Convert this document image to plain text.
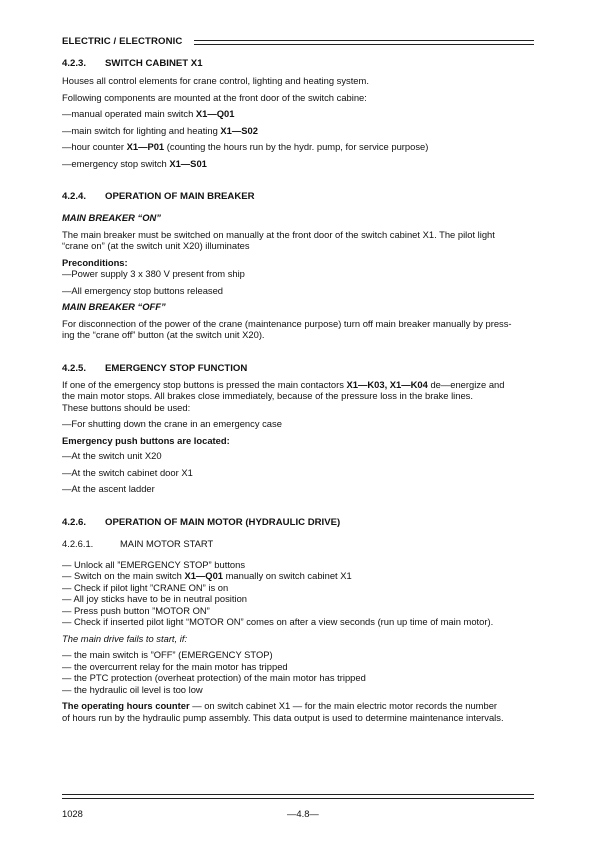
ELECTRIC / ELECTRONIC
4.2.3.	SWITCH CABINET X1

Houses all control elements for crane control, lighting and heating system.

Following components are mounted at the front door of the switch cabine:

—manual operated main switch X1—Q01

—main switch for lighting and heating X1—S02

—hour counter X1—P01 (counting the hours run by the hydr. pump, for service purpose)

—emergency stop switch X1—S01

4.2.4.	OPERATION OF MAIN BREAKER

MAIN BREAKER “ON”

The main breaker must be switched on manually at the front door of the switch cabinet X1. The pilot light

“crane on” (at the switch unit X20) illuminates

Preconditions:

—Power supply 3 x 380 V present from ship

—All emergency stop buttons released

MAIN BREAKER “OFF”

For disconnection of the power of the crane (maintenance purpose) turn off main breaker manually by press-

ing the “crane off” button (at the switch unit X20).

4.2.5.	EMERGENCY STOP FUNCTION

If one of the emergency stop buttons is pressed the main contactors X1—K03, X1—K04 de—energize and

the main motor stops. All brakes close immediately, because of the pressure loss in the brake lines.

These buttons should be used:

—For shutting down the crane in an emergency case

Emergency push buttons are located:

—At the switch unit X20

—At the switch cabinet door X1

—At the ascent ladder

4.2.6.	OPERATION OF MAIN MOTOR (HYDRAULIC DRIVE)
4.2.6.1.	MAIN MOTOR START

— Unlock all ”EMERGENCY STOP” buttons

— Switch on the main switch X1—Q01 manually on switch cabinet X1

— Check if pilot light ”CRANE ON” is on

— All joy sticks have to be in neutral position

— Press push button ”MOTOR ON”

— Check if inserted pilot light “MOTOR ON” comes on after a view seconds (run up time of main motor).

The main drive fails to start, if:

— the main switch is ”OFF” (EMERGENCY STOP)

— the overcurrent relay for the main motor has tripped

— the PTC protection (overheat protection) of the main motor has tripped

— the hydraulic oil level is too low

The operating hours counter — on switch cabinet X1 — for the main electric motor records the number

of hours run by the hydraulic pump assembly. This data output is used to determine maintenance intervals.

1028	—4.8—
